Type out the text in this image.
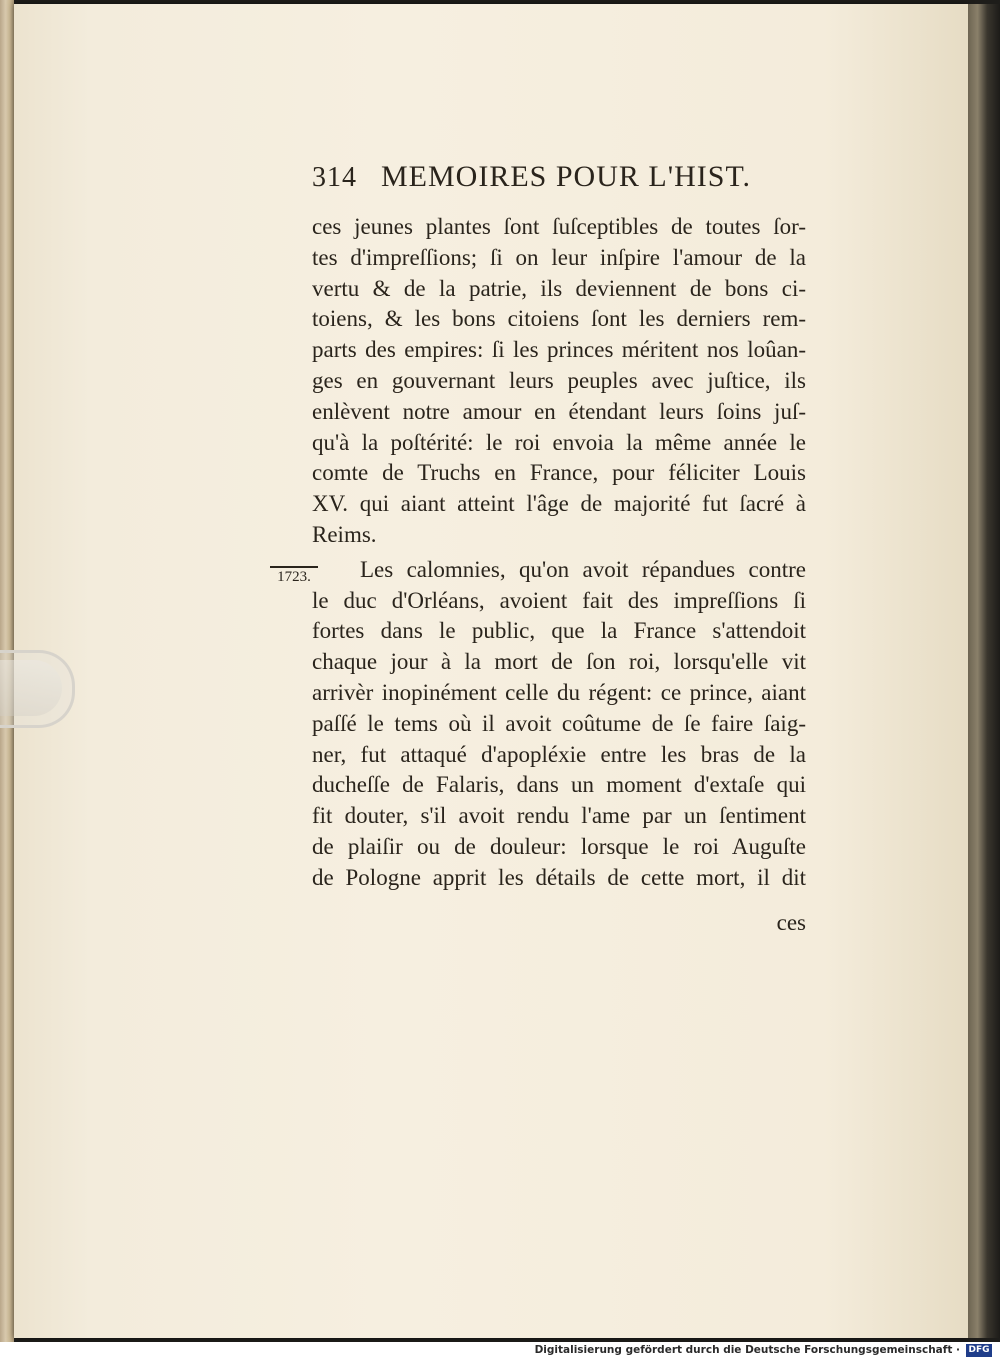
314 MEMOIRES POUR L'HIST.
1723.
ces jeunes plantes ſont ſuſceptibles de toutes ſor-
tes d'impreſſions; ſi on leur inſpire l'amour de la
vertu & de la patrie, ils deviennent de bons ci-
toiens, & les bons citoiens ſont les derniers rem-
parts des empires: ſi les princes méritent nos loûan-
ges en gouvernant leurs peuples avec juſtice, ils
enlèvent notre amour en étendant leurs ſoins juſ-
qu'à la poſtérité: le roi envoia la même année le
comte de Truchs en France, pour féliciter Louis
XV. qui aiant atteint l'âge de majorité fut ſacré à
Reims.
Les calomnies, qu'on avoit répandues contre
le duc d'Orléans, avoient fait des impreſſions ſi
fortes dans le public, que la France s'attendoit
chaque jour à la mort de ſon roi, lorsqu'elle vit
arrivèr inopinément celle du régent: ce prince, aiant
paſſé le tems où il avoit coûtume de ſe faire ſaig-
ner, fut attaqué d'apopléxie entre les bras de la
ducheſſe de Falaris, dans un moment d'extaſe qui
fit douter, s'il avoit rendu l'ame par un ſentiment
de plaiſir ou de douleur: lorsque le roi Auguſte
de Pologne apprit les détails de cette mort, il dit
ces
Digitalisierung gefördert durch die Deutsche Forschungsgemeinschaft · DFG
